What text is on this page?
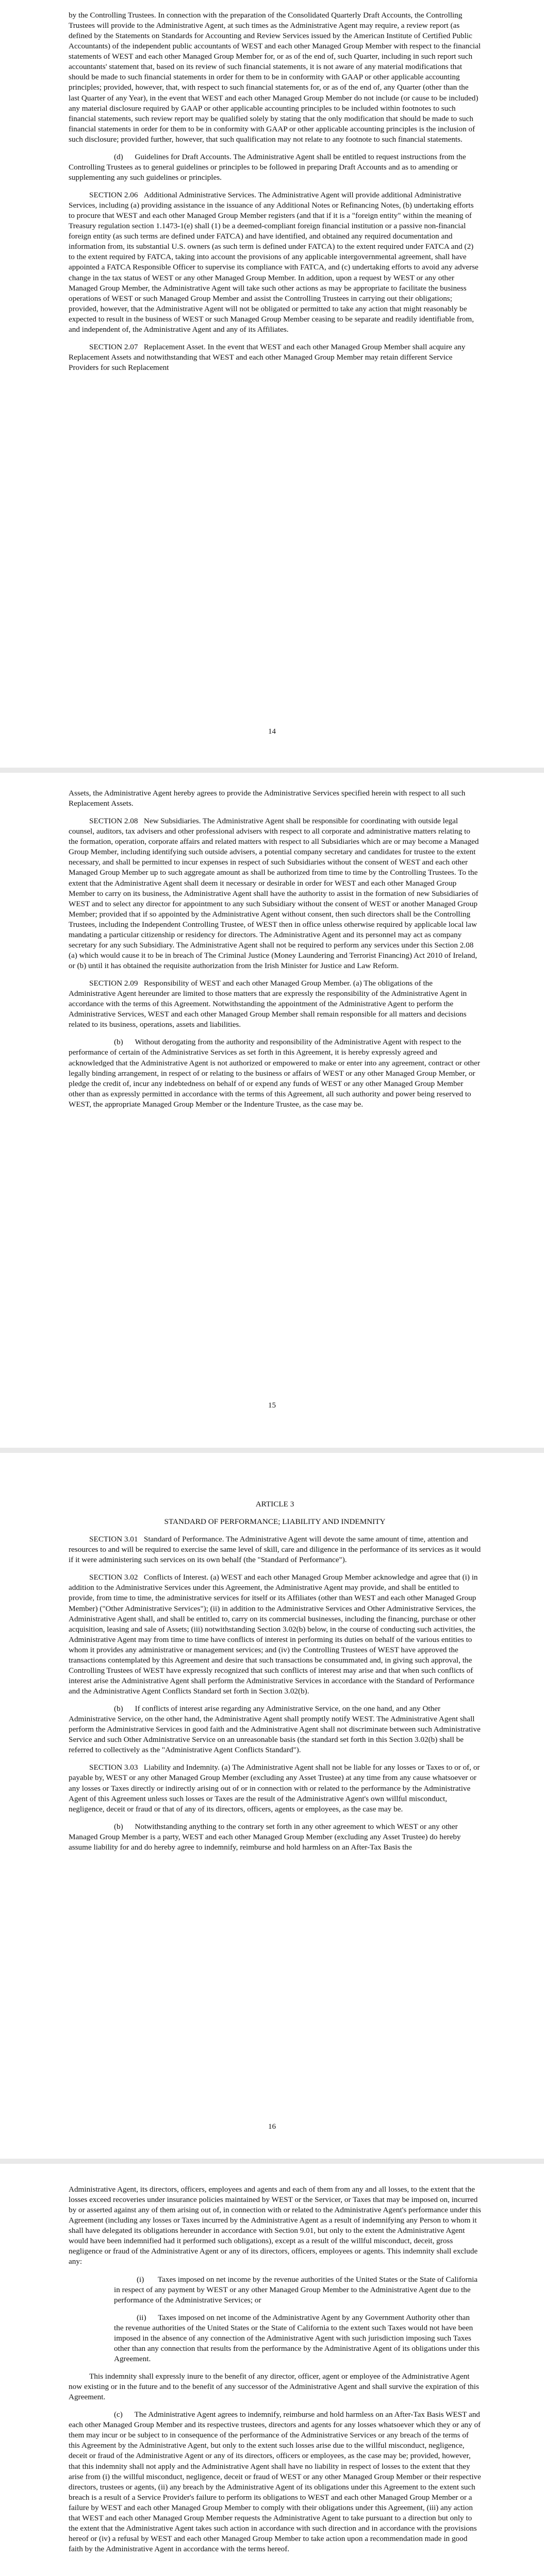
by the Controlling Trustees. In connection with the preparation of the Consolidated Quarterly Draft Accounts, the Controlling Trustees will provide to the Administrative Agent, at such times as the Administrative Agent may require, a review report (as defined by the Statements on Standards for Accounting and Review Services issued by the American Institute of Certified Public Accountants) of the independent public accountants of WEST and each other Managed Group Member with respect to the financial statements of WEST and each other Managed Group Member for, or as of the end of, such Quarter, including in such report such accountants' statement that, based on its review of such financial statements, it is not aware of any material modifications that should be made to such financial statements in order for them to be in conformity with GAAP or other applicable accounting principles; provided, however, that, with respect to such financial statements for, or as of the end of, any Quarter (other than the last Quarter of any Year), in the event that WEST and each other Managed Group Member do not include (or cause to be included) any material disclosure required by GAAP or other applicable accounting principles to be included within footnotes to such financial statements, such review report may be qualified solely by stating that the only modification that should be made to such financial statements in order for them to be in conformity with GAAP or other applicable accounting principles is the inclusion of such disclosure; provided further, however, that such qualification may not relate to any footnote to such financial statements.

(d)      Guidelines for Draft Accounts. The Administrative Agent shall be entitled to request instructions from the Controlling Trustees as to general guidelines or principles to be followed in preparing Draft Accounts and as to amending or supplementing any such guidelines or principles.

SECTION 2.06   Additional Administrative Services. The Administrative Agent will provide additional Administrative Services, including (a) providing assistance in the issuance of any Additional Notes or Refinancing Notes, (b) undertaking efforts to procure that WEST and each other Managed Group Member registers (and that if it is a "foreign entity" within the meaning of Treasury regulation section 1.1473-1(e) shall (1) be a deemed-compliant foreign financial institution or a passive non-financial foreign entity (as such terms are defined under FATCA) and have identified, and obtained any required documentation and information from, its substantial U.S. owners (as such term is defined under FATCA) to the extent required under FATCA and (2) to the extent required by FATCA, taking into account the provisions of any applicable intergovernmental agreement, shall have appointed a FATCA Responsible Officer to supervise its compliance with FATCA, and (c) undertaking efforts to avoid any adverse change in the tax status of WEST or any other Managed Group Member. In addition, upon a request by WEST or any other Managed Group Member, the Administrative Agent will take such other actions as may be appropriate to facilitate the business operations of WEST or such Managed Group Member and assist the Controlling Trustees in carrying out their obligations; provided, however, that the Administrative Agent will not be obligated or permitted to take any action that might reasonably be expected to result in the business of WEST or such Managed Group Member ceasing to be separate and readily identifiable from, and independent of, the Administrative Agent and any of its Affiliates.

SECTION 2.07   Replacement Asset. In the event that WEST and each other Managed Group Member shall acquire any Replacement Assets and notwithstanding that WEST and each other Managed Group Member may retain different Service Providers for such Replacement

14

Assets, the Administrative Agent hereby agrees to provide the Administrative Services specified herein with respect to all such Replacement Assets.

SECTION 2.08   New Subsidiaries. The Administrative Agent shall be responsible for coordinating with outside legal counsel, auditors, tax advisers and other professional advisers with respect to all corporate and administrative matters relating to the formation, operation, corporate affairs and related matters with respect to all Subsidiaries which are or may become a Managed Group Member, including identifying such outside advisers, a potential company secretary and candidates for trustee to the extent necessary, and shall be permitted to incur expenses in respect of such Subsidiaries without the consent of WEST and each other Managed Group Member up to such aggregate amount as shall be authorized from time to time by the Controlling Trustees. To the extent that the Administrative Agent shall deem it necessary or desirable in order for WEST and each other Managed Group Member to carry on its business, the Administrative Agent shall have the authority to assist in the formation of new Subsidiaries of WEST and to select any director for appointment to any such Subsidiary without the consent of WEST or another Managed Group Member; provided that if so appointed by the Administrative Agent without consent, then such directors shall be the Controlling Trustees, including the Independent Controlling Trustee, of WEST then in office unless otherwise required by applicable local law mandating a particular citizenship or residency for directors. The Administrative Agent and its personnel may act as company secretary for any such Subsidiary. The Administrative Agent shall not be required to perform any services under this Section 2.08 (a) which would cause it to be in breach of The Criminal Justice (Money Laundering and Terrorist Financing) Act 2010 of Ireland, or (b) until it has obtained the requisite authorization from the Irish Minister for Justice and Law Reform.

SECTION 2.09   Responsibility of WEST and each other Managed Group Member. (a) The obligations of the Administrative Agent hereunder are limited to those matters that are expressly the responsibility of the Administrative Agent in accordance with the terms of this Agreement. Notwithstanding the appointment of the Administrative Agent to perform the Administrative Services, WEST and each other Managed Group Member shall remain responsible for all matters and decisions related to its business, operations, assets and liabilities.

(b)      Without derogating from the authority and responsibility of the Administrative Agent with respect to the performance of certain of the Administrative Services as set forth in this Agreement, it is hereby expressly agreed and acknowledged that the Administrative Agent is not authorized or empowered to make or enter into any agreement, contract or other legally binding arrangement, in respect of or relating to the business or affairs of WEST or any other Managed Group Member, or pledge the credit of, incur any indebtedness on behalf of or expend any funds of WEST or any other Managed Group Member other than as expressly permitted in accordance with the terms of this Agreement, all such authority and power being reserved to WEST, the appropriate Managed Group Member or the Indenture Trustee, as the case may be.

15

ARTICLE 3

STANDARD OF PERFORMANCE; LIABILITY AND INDEMNITY

SECTION 3.01   Standard of Performance. The Administrative Agent will devote the same amount of time, attention and resources to and will be required to exercise the same level of skill, care and diligence in the performance of its services as it would if it were administering such services on its own behalf (the "Standard of Performance").

SECTION 3.02   Conflicts of Interest. (a) WEST and each other Managed Group Member acknowledge and agree that (i) in addition to the Administrative Services under this Agreement, the Administrative Agent may provide, and shall be entitled to provide, from time to time, the administrative services for itself or its Affiliates (other than WEST and each other Managed Group Member) ("Other Administrative Services"); (ii) in addition to the Administrative Services and Other Administrative Services, the Administrative Agent shall, and shall be entitled to, carry on its commercial businesses, including the financing, purchase or other acquisition, leasing and sale of Assets; (iii) notwithstanding Section 3.02(b) below, in the course of conducting such activities, the Administrative Agent may from time to time have conflicts of interest in performing its duties on behalf of the various entities to whom it provides any administrative or management services; and (iv) the Controlling Trustees of WEST have approved the transactions contemplated by this Agreement and desire that such transactions be consummated and, in giving such approval, the Controlling Trustees of WEST have expressly recognized that such conflicts of interest may arise and that when such conflicts of interest arise the Administrative Agent shall perform the Administrative Services in accordance with the Standard of Performance and the Administrative Agent Conflicts Standard set forth in Section 3.02(b).

(b)      If conflicts of interest arise regarding any Administrative Service, on the one hand, and any Other Administrative Service, on the other hand, the Administrative Agent shall promptly notify WEST. The Administrative Agent shall perform the Administrative Services in good faith and the Administrative Agent shall not discriminate between such Administrative Service and such Other Administrative Service on an unreasonable basis (the standard set forth in this Section 3.02(b) shall be referred to collectively as the "Administrative Agent Conflicts Standard").

SECTION 3.03   Liability and Indemnity. (a) The Administrative Agent shall not be liable for any losses or Taxes to or of, or payable by, WEST or any other Managed Group Member (excluding any Asset Trustee) at any time from any cause whatsoever or any losses or Taxes directly or indirectly arising out of or in connection with or related to the performance by the Administrative Agent of this Agreement unless such losses or Taxes are the result of the Administrative Agent's own willful misconduct, negligence, deceit or fraud or that of any of its directors, officers, agents or employees, as the case may be.

(b)      Notwithstanding anything to the contrary set forth in any other agreement to which WEST or any other Managed Group Member is a party, WEST and each other Managed Group Member (excluding any Asset Trustee) do hereby assume liability for and do hereby agree to indemnify, reimburse and hold harmless on an After-Tax Basis the

16

Administrative Agent, its directors, officers, employees and agents and each of them from any and all losses, to the extent that the losses exceed recoveries under insurance policies maintained by WEST or the Servicer, or Taxes that may be imposed on, incurred by or asserted against any of them arising out of, in connection with or related to the Administrative Agent's performance under this Agreement (including any losses or Taxes incurred by the Administrative Agent as a result of indemnifying any Person to whom it shall have delegated its obligations hereunder in accordance with Section 9.01, but only to the extent the Administrative Agent would have been indemnified had it performed such obligations), except as a result of the willful misconduct, deceit, gross negligence or fraud of the Administrative Agent or any of its directors, officers, employees or agents. This indemnity shall exclude any:

(i)       Taxes imposed on net income by the revenue authorities of the United States or the State of California in respect of any payment by WEST or any other Managed Group Member to the Administrative Agent due to the performance of the Administrative Services; or

(ii)      Taxes imposed on net income of the Administrative Agent by any Government Authority other than the revenue authorities of the United States or the State of California to the extent such Taxes would not have been imposed in the absence of any connection of the Administrative Agent with such jurisdiction imposing such Taxes other than any connection that results from the performance by the Administrative Agent of its obligations under this Agreement.

This indemnity shall expressly inure to the benefit of any director, officer, agent or employee of the Administrative Agent now existing or in the future and to the benefit of any successor of the Administrative Agent and shall survive the expiration of this Agreement.

(c)      The Administrative Agent agrees to indemnify, reimburse and hold harmless on an After-Tax Basis WEST and each other Managed Group Member and its respective trustees, directors and agents for any losses whatsoever which they or any of them may incur or be subject to in consequence of the performance of the Administrative Services or any breach of the terms of this Agreement by the Administrative Agent, but only to the extent such losses arise due to the willful misconduct, negligence, deceit or fraud of the Administrative Agent or any of its directors, officers or employees, as the case may be; provided, however, that this indemnity shall not apply and the Administrative Agent shall have no liability in respect of losses to the extent that they arise from (i) the willful misconduct, negligence, deceit or fraud of WEST or any other Managed Group Member or their respective directors, trustees or agents, (ii) any breach by the Administrative Agent of its obligations under this Agreement to the extent such breach is a result of a Service Provider's failure to perform its obligations to WEST and each other Managed Group Member or a failure by WEST and each other Managed Group Member to comply with their obligations under this Agreement, (iii) any action that WEST and each other Managed Group Member requests the Administrative Agent to take pursuant to a direction but only to the extent that the Administrative Agent takes such action in accordance with such direction and in accordance with the provisions hereof or (iv) a refusal by WEST and each other Managed Group Member to take action upon a recommendation made in good faith by the Administrative Agent in accordance with the terms hereof.
